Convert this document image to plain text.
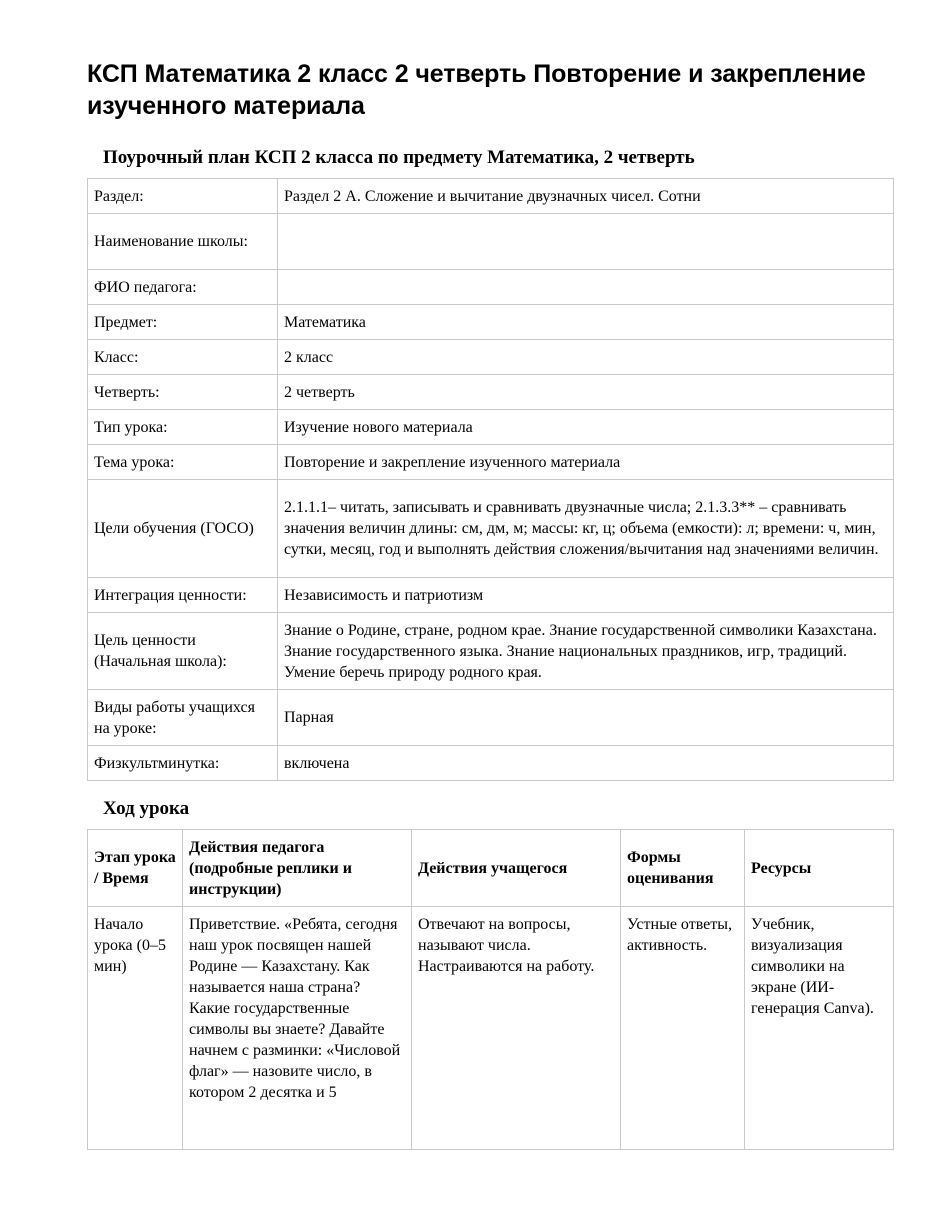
КСП Математика 2 класс 2 четверть Повторение и закрепление изученного материала
Поурочный план КСП 2 класса по предмету Математика, 2 четверть
Раздел:	Раздел 2 А. Сложение и вычитание двузначных чисел. Сотни
Наименование школы:	
ФИО педагога:	
Предмет:	Математика
Класс:	2 класс
Четверть:	2 четверть
Тип урока:	Изучение нового материала
Тема урока:	Повторение и закрепление изученного материала
Цели обучения (ГОСО)	2.1.1.1– читать, записывать и сравнивать двузначные числа; 2.1.3.3** – сравнивать значения величин длины: см, дм, м; массы: кг, ц; объема (емкости): л; времени: ч, мин, сутки, месяц, год и выполнять действия сложения/вычитания над значениями величин.
Интеграция ценности:	Независимость и патриотизм
Цель ценности (Начальная школа):	Знание о Родине, стране, родном крае. Знание государственной символики Казахстана. Знание государственного языка. Знание национальных праздников, игр, традиций. Умение беречь природу родного края.
Виды работы учащихся на уроке:	Парная
Физкультминутка:	включена
Ход урока
Этап урока / Время	Действия педагога (подробные реплики и инструкции)	Действия учащегося	Формы оценивания	Ресурсы
Начало урока (0–5 мин)	Приветствие. «Ребята, сегодня наш урок посвящен нашей Родине — Казахстану. Как называется наша страна? Какие государственные символы вы знаете? Давайте начнем с разминки: «Числовой флаг» — назовите число, в котором 2 десятка и 5	Отвечают на вопросы, называют числа. Настраиваются на работу.	Устные ответы, активность.	Учебник, визуализация символики на экране (ИИ-генерация Canva).
